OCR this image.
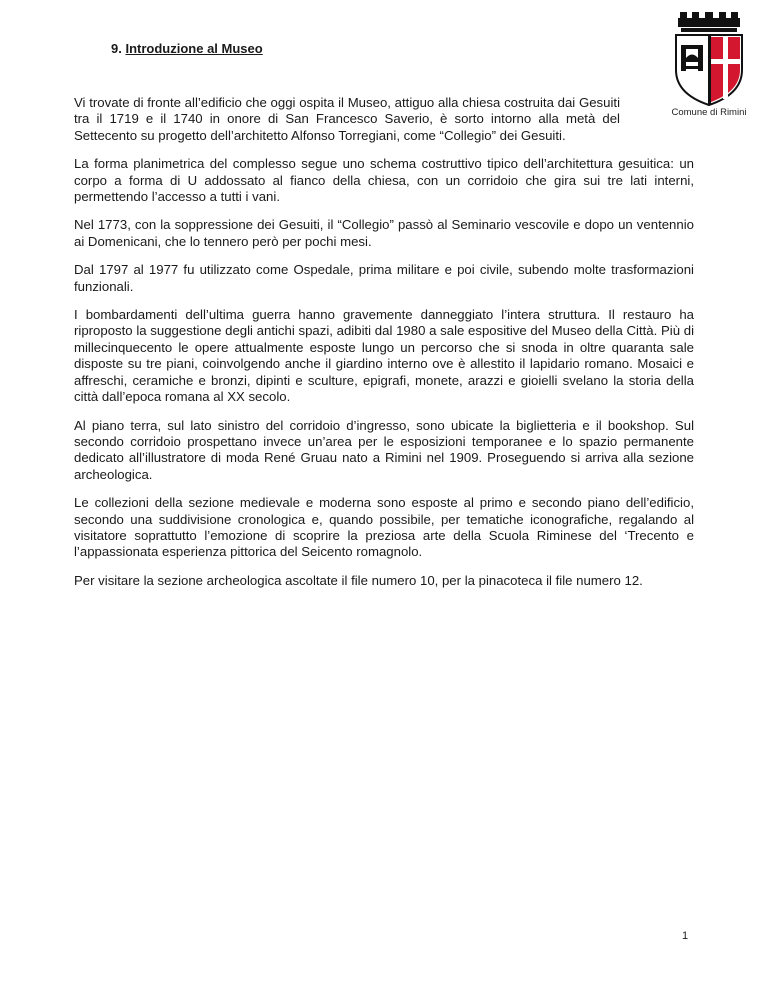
9. Introduzione al Museo
Comune di Rimini

Vi trovate di fronte all’edificio che oggi ospita il Museo, attiguo alla chiesa costruita dai Gesuiti tra il 1719 e il 1740 in onore di San Francesco Saverio, è sorto intorno alla metà del Settecento su progetto dell’architetto Alfonso Torregiani, come “Collegio” dei Gesuiti.

La forma planimetrica del complesso segue uno schema costruttivo tipico dell’architettura gesuitica: un corpo a forma di U addossato al fianco della chiesa, con un corridoio che gira sui tre lati interni, permettendo l’accesso a tutti i vani.

Nel 1773, con la soppressione dei Gesuiti, il “Collegio” passò al Seminario vescovile e dopo un ventennio ai Domenicani, che lo tennero però per pochi mesi.

Dal 1797 al 1977 fu utilizzato come Ospedale, prima militare e poi civile, subendo molte trasformazioni funzionali.

I bombardamenti dell’ultima guerra hanno gravemente danneggiato l’intera struttura. Il restauro ha riproposto la suggestione degli antichi spazi, adibiti dal 1980 a sale espositive del Museo della Città. Più di millecinquecento le opere attualmente esposte lungo un percorso che si snoda in oltre quaranta sale disposte su tre piani, coinvolgendo anche il giardino interno ove è allestito il lapidario romano. Mosaici e affreschi, ceramiche e bronzi, dipinti e sculture, epigrafi, monete, arazzi e gioielli svelano la storia della città dall’epoca romana al XX secolo.

Al piano terra, sul lato sinistro del corridoio d’ingresso, sono ubicate la biglietteria e il bookshop. Sul secondo corridoio prospettano invece un’area per le esposizioni temporanee e lo spazio permanente dedicato all’illustratore di moda René Gruau nato a Rimini nel 1909. Proseguendo si arriva alla sezione archeologica.

Le collezioni della sezione medievale e moderna sono esposte al primo e secondo piano dell’edificio, secondo una suddivisione cronologica e, quando possibile, per tematiche iconografiche, regalando al visitatore soprattutto l’emozione di scoprire la preziosa arte della Scuola Riminese del ‘Trecento e l’appassionata esperienza pittorica del Seicento romagnolo.

Per visitare la sezione archeologica ascoltate il file numero 10, per la pinacoteca il file numero 12.

1
